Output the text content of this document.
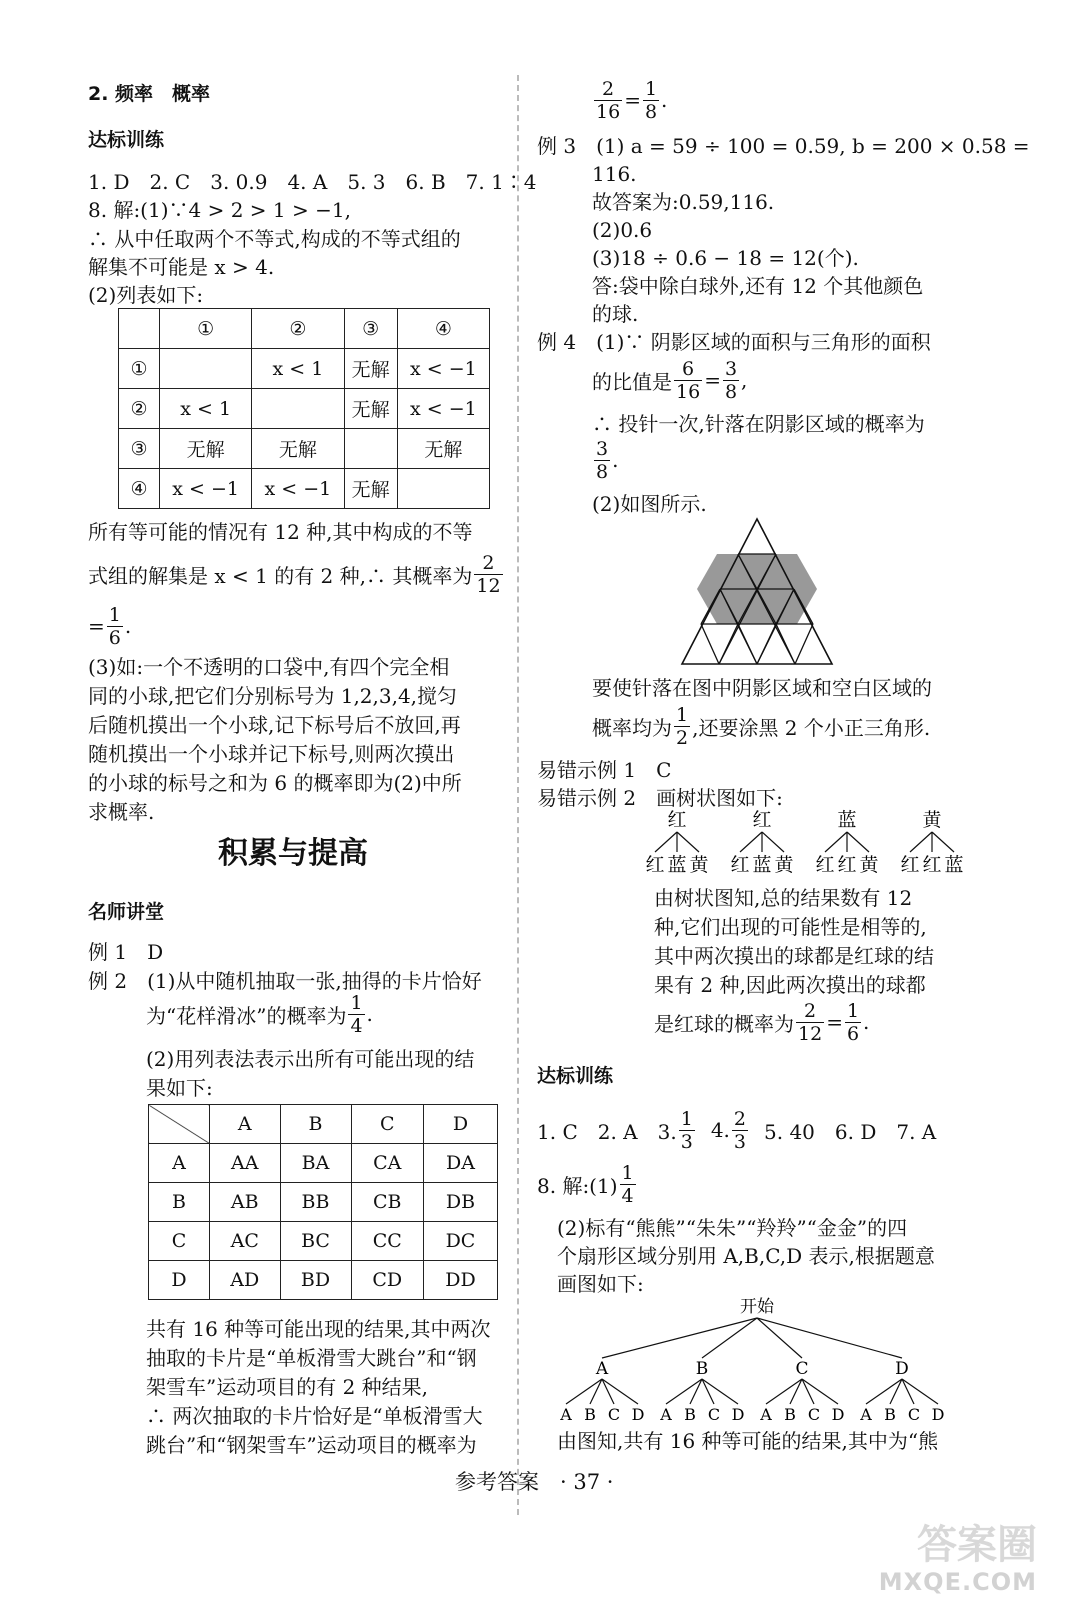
2. 频率　概率
达标训练
1. D　2. C　3. 0.9　4. A　5. 3　6. B　7. 1∶4
8. 解:(1)∵4 > 2 > 1 > −1,
∴ 从中任取两个不等式,构成的不等式组的
解集不可能是 x > 4.
(2)列表如下:
	①	②	③	④
①		x < 1	无解	x < −1
②	x < 1		无解	x < −1
③	无解	无解		无解
④	x < −1	x < −1	无解	
所有等可能的情况有 12 种,其中构成的不等
式组的解集是 x < 1 的有 2 种,∴ 其概率为 $\frac{2}{12}$
= $\frac{1}{6}$ .
(3)如:一个不透明的口袋中,有四个完全相
同的小球,把它们分别标号为 1,2,3,4,搅匀
后随机摸出一个小球,记下标号后不放回,再
随机摸出一个小球并记下标号,则两次摸出
的小球的标号之和为 6 的概率即为(2)中所
求概率.
积累与提高
名师讲堂
例 1　D
例 2　(1)从中随机抽取一张,抽得的卡片恰好
为“花样滑冰”的概率为 $\frac{1}{4}$ .
(2)用列表法表示出所有可能出现的结
果如下:
	A	B	C	D
A	AA	BA	CA	DA
B	AB	BB	CB	DB
C	AC	BC	CC	DC
D	AD	BD	CD	DD
共有 16 种等可能出现的结果,其中两次
抽取的卡片是“单板滑雪大跳台”和“钢
架雪车”运动项目的有 2 种结果,
∴ 两次抽取的卡片恰好是“单板滑雪大
跳台”和“钢架雪车”运动项目的概率为
$\frac{2}{16} = \frac{1}{8}$ .
例 3　(1) a = 59 ÷ 100 = 0.59, b = 200 × 0.58 =
116.
故答案为:0.59,116.
(2)0.6
(3)18 ÷ 0.6 − 18 = 12(个).
答:袋中除白球外,还有 12 个其他颜色
的球.
例 4　(1)∵ 阴影区域的面积与三角形的面积
的比值是 $\frac{6}{16} = \frac{3}{8}$ ,
∴ 投针一次,针落在阴影区域的概率为
$\frac{3}{8}$ .
(2)如图所示.
要使针落在图中阴影区域和空白区域的
概率均为 $\frac{1}{2}$ ,还要涂黑 2 个小正三角形.
易错示例 1　C
易错示例 2　画树状图如下:
红
红 蓝 黄
红
红 蓝 黄
蓝
红 红 黄
黄
红 红 蓝
由树状图知,总的结果数有 12
种,它们出现的可能性是相等的,
其中两次摸出的球都是红球的结
果有 2 种,因此两次摸出的球都
是红球的概率为 $\frac{2}{12} = \frac{1}{6}$ .
达标训练
1. C　2. A　3. $\frac{1}{3} 4$. $\frac{2}{3} 5$. 40　6. D　7. A
8. 解:(1) $\frac{1}{4}$
(2)标有“熊熊”“朱朱”“羚羚”“金金”的四
个扇形区域分别用 A,B,C,D 表示,根据题意
画图如下:
开始
A
A B C D
B
A B C D
C
A B C D
D
A B C D
由图知,共有 16 种等可能的结果,其中为“熊
参考答案　· 37 ·
答案圈
MXQE.COM
